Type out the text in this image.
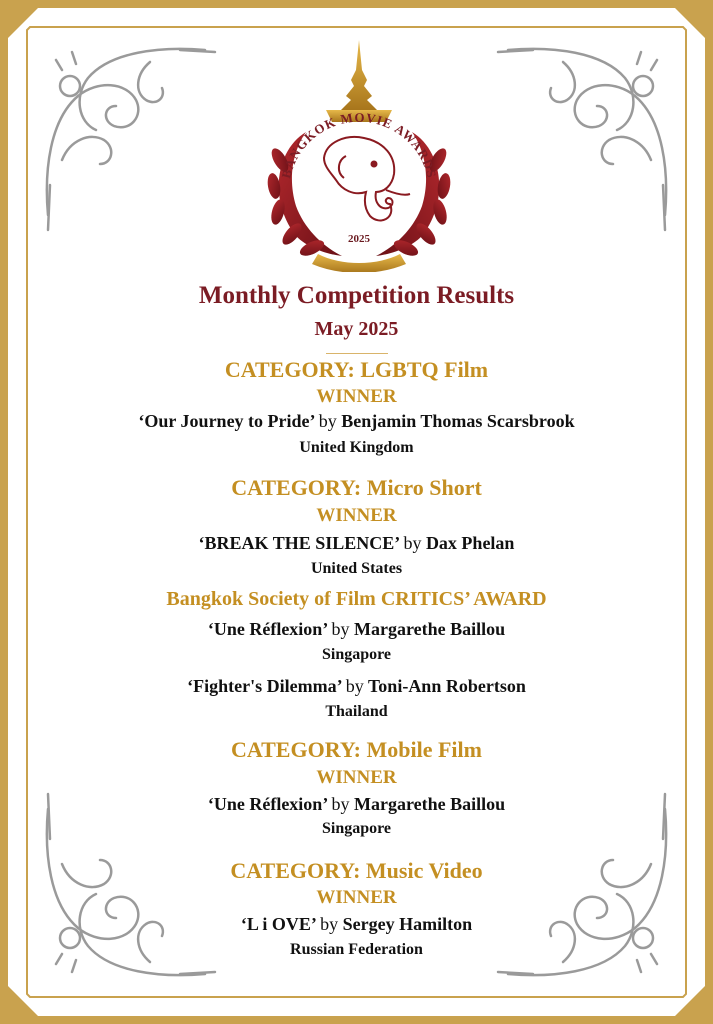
BANGKOK MOVIE AWARDS
2025
Monthly Competition Results
May 2025
CATEGORY: LGBTQ Film
WINNER
‘Our Journey to Pride’ by Benjamin Thomas Scarsbrook
United Kingdom
CATEGORY: Micro Short
WINNER
‘BREAK THE SILENCE’ by Dax Phelan
United States
Bangkok Society of Film CRITICS’ AWARD
‘Une Réflexion’ by Margarethe Baillou
Singapore
‘Fighter's Dilemma’ by Toni-Ann Robertson
Thailand
CATEGORY: Mobile Film
WINNER
‘Une Réflexion’ by Margarethe Baillou
Singapore
CATEGORY: Music Video
WINNER
‘L i OVE’ by Sergey Hamilton
Russian Federation
